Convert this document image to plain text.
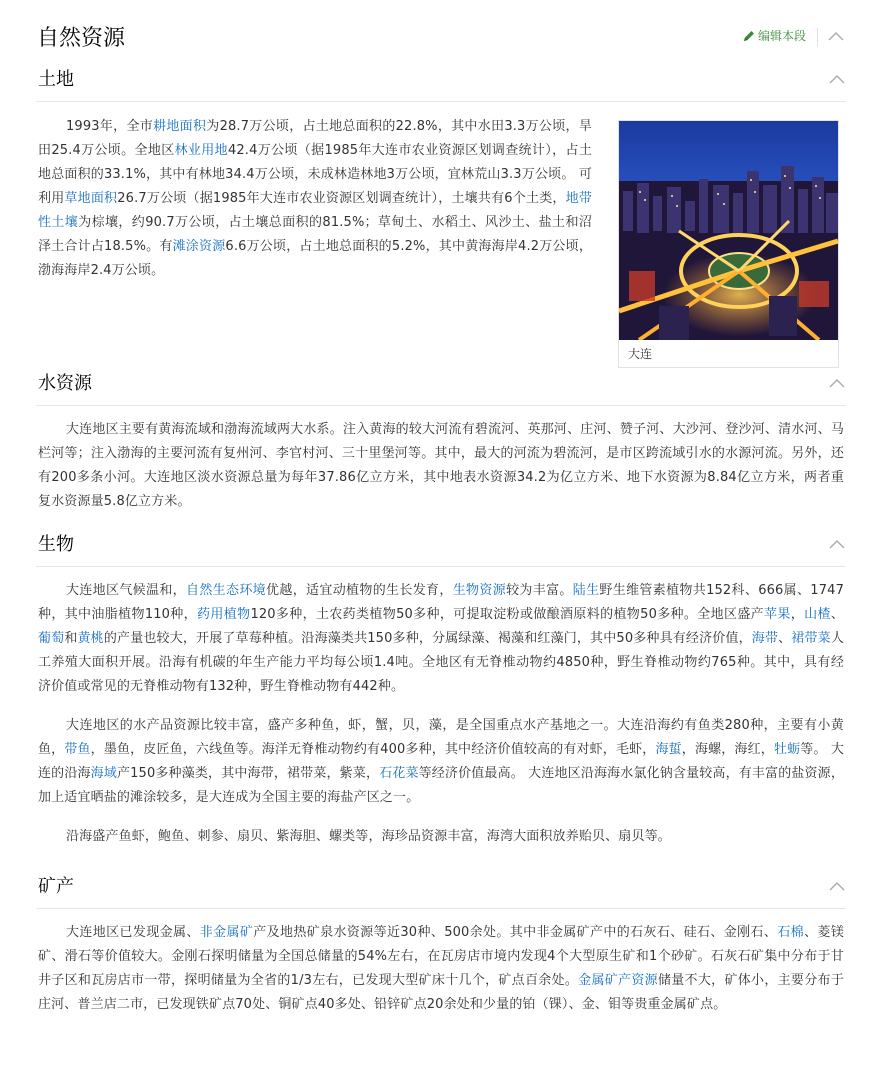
自然资源	编辑本段
土地

1993年，全市耕地面积为28.7万公顷，占土地总面积的22.8%，其中水田3.3万公顷，旱田25.4万公顷。全地区林业用地42.4万公顷（据1985年大连市农业资源区划调查统计），占土地总面积的33.1%，其中有林地34.4万公顷，未成林造林地3万公顷，宜林荒山3.3万公顷。 可利用草地面积26.7万公顷（据1985年大连市农业资源区划调查统计），土壤共有6个土类，地带性土壤为棕壤，约90.7万公顷，占土壤总面积的81.5%；草甸土、水稻土、风沙土、盐土和沼泽土合计占18.5%。有滩涂资源6.6万公顷，占土地总面积的5.2%，其中黄海海岸4.2万公顷，渤海海岸2.4万公顷。

大连
水资源

大连地区主要有黄海流域和渤海流域两大水系。注入黄海的较大河流有碧流河、英那河、庄河、赞子河、大沙河、登沙河、清水河、马栏河等；注入渤海的主要河流有复州河、李官村河、三十里堡河等。其中，最大的河流为碧流河，是市区跨流域引水的水源河流。另外，还有200多条小河。大连地区淡水资源总量为每年37.86亿立方米，其中地表水资源34.2为亿立方米、地下水资源为8.84亿立方米，两者重复水资源量5.8亿立方米。

生物

大连地区气候温和，自然生态环境优越，适宜动植物的生长发育，生物资源较为丰富。陆生野生维管素植物共152科、666属、1747种，其中油脂植物110种，药用植物120多种，土农药类植物50多种，可提取淀粉或做酿酒原料的植物50多种。全地区盛产苹果，山楂、葡萄和黄桃的产量也较大，开展了草莓种植。沿海藻类共150多种，分属绿藻、褐藻和红藻门，其中50多种具有经济价值，海带、裙带菜人工养殖大面积开展。沿海有机碳的年生产能力平均每公顷1.4吨。全地区有无脊椎动物约4850种，野生脊椎动物约765种。其中，具有经 济价值或常见的无脊椎动物有132种，野生脊椎动物有442种。

大连地区的水产品资源比较丰富，盛产多种鱼，虾，蟹，贝，藻，是全国重点水产基地之一。大连沿海约有鱼类280种，主要有小黄鱼，带鱼，墨鱼，皮匠鱼，六线鱼等。海洋无脊椎动物约有400多种，其中经济价值较高的有对虾，毛虾，海蜇，海螺，海红，牡蛎等。 大连的沿海海域产150多种藻类，其中海带，裙带菜，紫菜，石花菜等经济价值最高。 大连地区沿海海水氯化钠含量较高，有丰富的盐资源，加上适宜晒盐的滩涂较多，是大连成为全国主要的海盐产区之一。

沿海盛产鱼虾，鲍鱼、刺参、扇贝、紫海胆、螺类等，海珍品资源丰富，海湾大面积放养贻贝、扇贝等。

矿产

大连地区已发现金属、非金属矿产及地热矿泉水资源等近30种、500余处。其中非金属矿产中的石灰石、硅石、金刚石、石棉、菱镁矿、滑石等价值较大。金刚石探明储量为全国总储量的54%左右，在瓦房店市境内发现4个大型原生矿和1个砂矿。石灰石矿集中分布于甘井子区和瓦房店市一带，探明储量为全省的1/3左右，已发现大型矿床十几个，矿点百余处。金属矿产资源储量不大，矿体小，主要分布于庄河、普兰店二市，已发现铁矿点70处、铜矿点40多处、铅锌矿点20余处和少量的铂（锞）、金、钼等贵重金属矿点。
